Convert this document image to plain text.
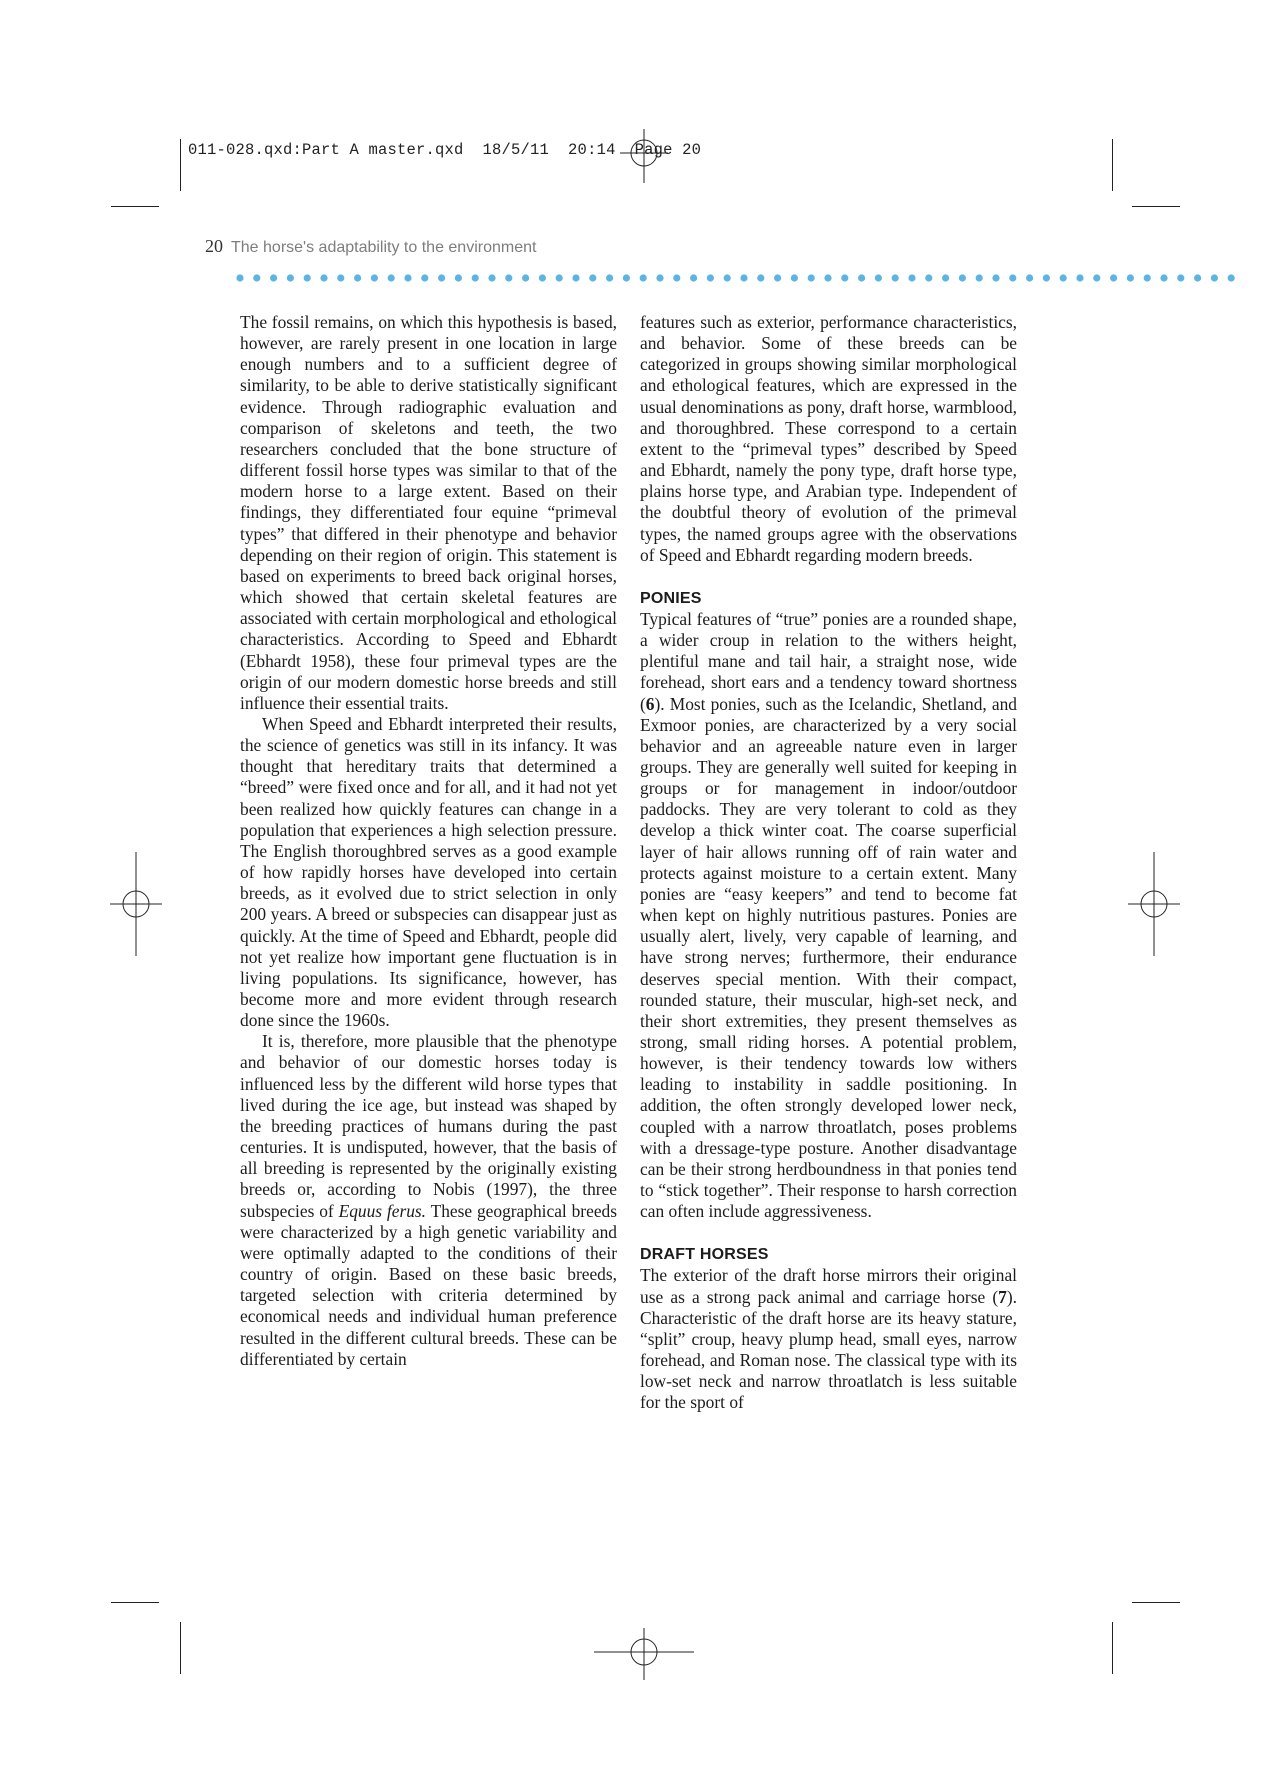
011-028.qxd:Part A master.qxd  18/5/11  20:14  Page 20
20 The horse's adaptability to the environment

The fossil remains, on which this hypothesis is based, however, are rarely present in one location in large enough numbers and to a sufficient degree of similarity, to be able to derive statistically significant evidence. Through radiographic evaluation and comparison of skeletons and teeth, the two researchers concluded that the bone structure of different fossil horse types was similar to that of the modern horse to a large extent. Based on their findings, they differentiated four equine “primeval types” that differed in their phenotype and behavior depending on their region of origin. This statement is based on experiments to breed back original horses, which showed that certain skeletal features are associated with certain morphological and ethological characteristics. According to Speed and Ebhardt (Ebhardt 1958), these four primeval types are the origin of our modern domestic horse breeds and still influence their essential traits.

When Speed and Ebhardt interpreted their results, the science of genetics was still in its infancy. It was thought that hereditary traits that determined a “breed” were fixed once and for all, and it had not yet been realized how quickly features can change in a population that experiences a high selection pressure. The English thoroughbred serves as a good example of how rapidly horses have developed into certain breeds, as it evolved due to strict selection in only 200 years. A breed or subspecies can disappear just as quickly. At the time of Speed and Ebhardt, people did not yet realize how important gene fluctuation is in living populations. Its significance, however, has become more and more evident through research done since the 1960s.

It is, therefore, more plausible that the phenotype and behavior of our domestic horses today is influenced less by the different wild horse types that lived during the ice age, but instead was shaped by the breeding practices of humans during the past centuries. It is undisputed, however, that the basis of all breeding is represented by the originally existing breeds or, according to Nobis (1997), the three subspecies of Equus ferus. These geographical breeds were characterized by a high genetic variability and were optimally adapted to the conditions of their country of origin. Based on these basic breeds, targeted selection with criteria determined by economical needs and individual human preference resulted in the different cultural breeds. These can be differentiated by certain

features such as exterior, performance characteristics, and behavior. Some of these breeds can be categorized in groups showing similar morphological and ethological features, which are expressed in the usual denominations as pony, draft horse, warmblood, and thoroughbred. These correspond to a certain extent to the “primeval types” described by Speed and Ebhardt, namely the pony type, draft horse type, plains horse type, and Arabian type. Independent of the doubtful theory of evolution of the primeval types, the named groups agree with the observations of Speed and Ebhardt regarding modern breeds.

PONIES

Typical features of “true” ponies are a rounded shape, a wider croup in relation to the withers height, plentiful mane and tail hair, a straight nose, wide forehead, short ears and a tendency toward shortness (6). Most ponies, such as the Icelandic, Shetland, and Exmoor ponies, are characterized by a very social behavior and an agreeable nature even in larger groups. They are generally well suited for keeping in groups or for management in indoor/outdoor paddocks. They are very tolerant to cold as they develop a thick winter coat. The coarse superficial layer of hair allows running off of rain water and protects against moisture to a certain extent. Many ponies are “easy keepers” and tend to become fat when kept on highly nutritious pastures. Ponies are usually alert, lively, very capable of learning, and have strong nerves; furthermore, their endurance deserves special mention. With their compact, rounded stature, their muscular, high-set neck, and their short extremities, they present themselves as strong, small riding horses. A potential problem, however, is their tendency towards low withers leading to instability in saddle positioning. In addition, the often strongly developed lower neck, coupled with a narrow throatlatch, poses problems with a dressage-type posture. Another disadvantage can be their strong herdboundness in that ponies tend to “stick together”. Their response to harsh correction can often include aggressiveness.

DRAFT HORSES

The exterior of the draft horse mirrors their original use as a strong pack animal and carriage horse (7). Characteristic of the draft horse are its heavy stature, “split” croup, heavy plump head, small eyes, narrow forehead, and Roman nose. The classical type with its low-set neck and narrow throatlatch is less suitable for the sport of
